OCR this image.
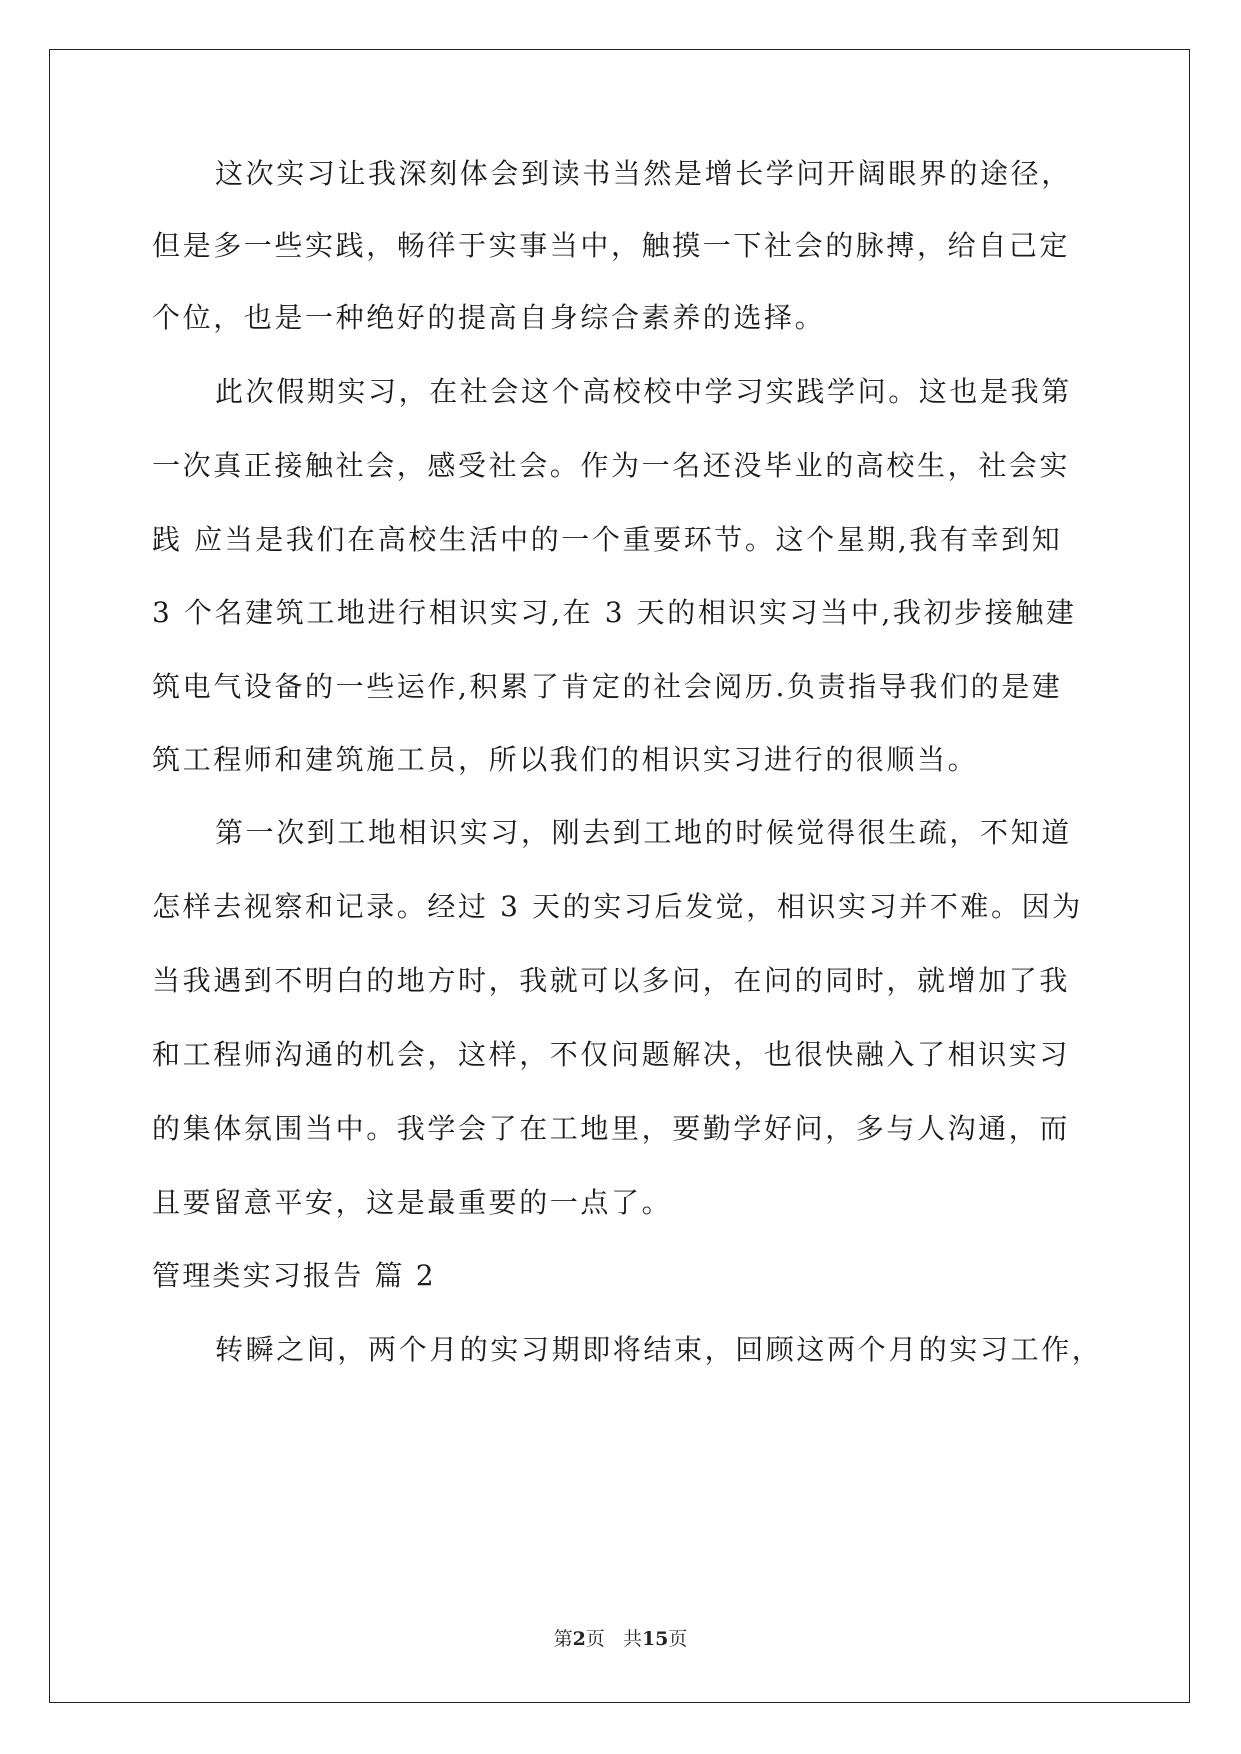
这次实习让我深刻体会到读书当然是增长学问开阔眼界的途径，
但是多一些实践，畅徉于实事当中，触摸一下社会的脉搏，给自己定
个位，也是一种绝好的提高自身综合素养的选择。
此次假期实习，在社会这个高校校中学习实践学问。这也是我第
一次真正接触社会，感受社会。作为一名还没毕业的高校生，社会实
践 应当是我们在高校生活中的一个重要环节。这个星期,我有幸到知
3 个名建筑工地进行相识实习,在 3 天的相识实习当中,我初步接触建
筑电气设备的一些运作,积累了肯定的社会阅历.负责指导我们的是建
筑工程师和建筑施工员，所以我们的相识实习进行的很顺当。
第一次到工地相识实习，刚去到工地的时候觉得很生疏，不知道
怎样去视察和记录。经过 3 天的实习后发觉，相识实习并不难。因为
当我遇到不明白的地方时，我就可以多问，在问的同时，就增加了我
和工程师沟通的机会，这样，不仅问题解决，也很快融入了相识实习
的集体氛围当中。我学会了在工地里，要勤学好问，多与人沟通，而
且要留意平安，这是最重要的一点了。
管理类实习报告 篇 2
转瞬之间，两个月的实习期即将结束，回顾这两个月的实习工作，
第2页   共15页
